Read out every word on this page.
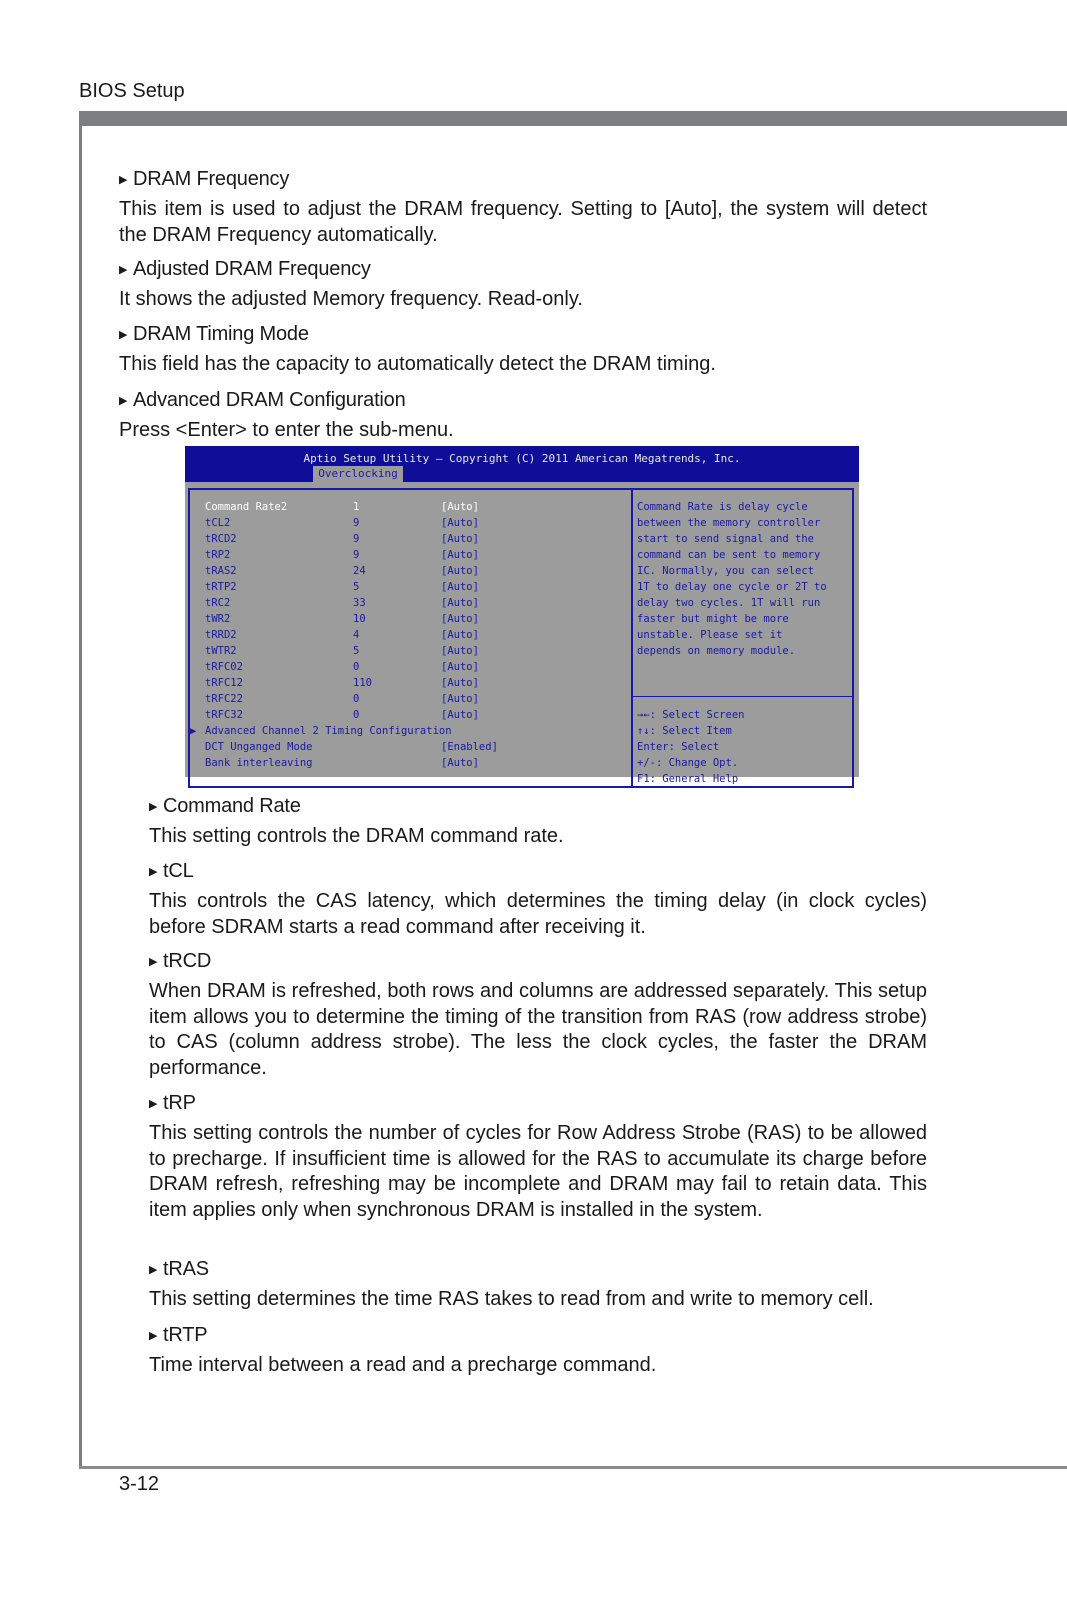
BIOS Setup
▶ DRAM Frequency

This item is used to adjust the DRAM frequency. Setting to [Auto], the system will detect the DRAM Frequency automatically.

▶ Adjusted DRAM Frequency

It shows the adjusted Memory frequency. Read-only.

▶ DRAM Timing Mode

This field has the capacity to automatically detect the DRAM timing.

▶ Advanced DRAM Configuration

Press <Enter> to enter the sub-menu.

Aptio Setup Utility – Copyright (C) 2011 American Megatrends, Inc.
Overclocking
Command Rate2	1	[Auto]
tCL2	9	[Auto]
tRCD2	9	[Auto]
tRP2	9	[Auto]
tRAS2	24	[Auto]
tRTP2	5	[Auto]
tRC2	33	[Auto]
tWR2	10	[Auto]
tRRD2	4	[Auto]
tWTR2	5	[Auto]
tRFC02	0	[Auto]
tRFC12	110	[Auto]
tRFC22	0	[Auto]
tRFC32	0	[Auto]
▶ Advanced Channel 2 Timing Configuration
DCT Unganged Mode	[Enabled]
Bank interleaving	[Auto]
Command Rate is delay cycle
between the memory controller
start to send signal and the
command can be sent to memory
IC. Normally, you can select
1T to delay one cycle or 2T to
delay two cycles. 1T will run
faster but might be more
unstable. Please set it
depends on memory module.
→←: Select Screen
↑↓: Select Item
Enter: Select
+/-: Change Opt.
F1: General Help
▶ Command Rate

This setting controls the DRAM command rate.

▶ tCL

This controls the CAS latency, which determines the timing delay (in clock cycles) before SDRAM starts a read command after receiving it.

▶ tRCD

When DRAM is refreshed, both rows and columns are addressed separately. This setup item allows you to determine the timing of the transition from RAS (row address strobe) to CAS (column address strobe). The less the clock cycles, the faster the DRAM performance.

▶ tRP

This setting controls the number of cycles for Row Address Strobe (RAS) to be allowed to precharge. If insufficient time is allowed for the RAS to accumulate its charge before DRAM refresh, refreshing may be incomplete and DRAM may fail to retain data. This item applies only when synchronous DRAM is installed in the system.

▶ tRAS

This setting determines the time RAS takes to read from and write to memory cell.

▶ tRTP

Time interval between a read and a precharge command.

3-12
